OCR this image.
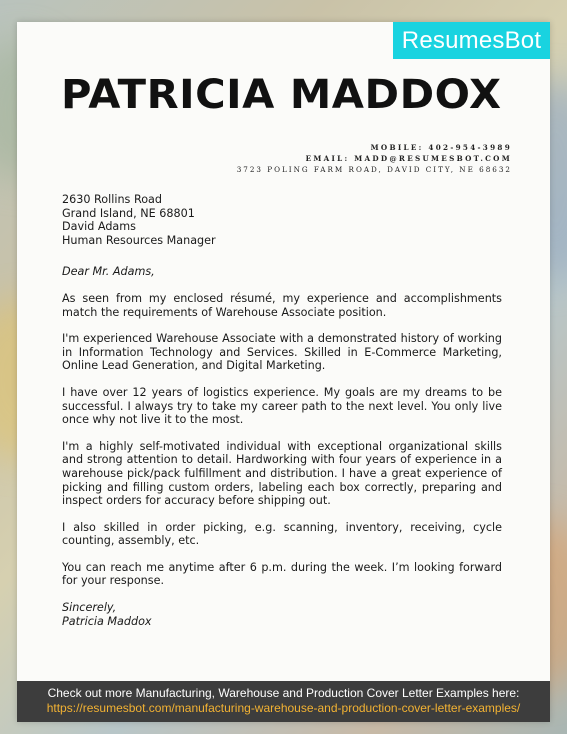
ResumesBot
PATRICIA MADDOX
MOBILE: 402-954-3989
EMAIL: MADD@RESUMESBOT.COM
3723 POLING FARM ROAD, DAVID CITY, NE 68632
2630 Rollins Road
Grand Island, NE 68801
David Adams
Human Resources Manager
Dear Mr. Adams,

As seen from my enclosed résumé, my experience and accomplishments match the requirements of Warehouse Associate position.

I'm experienced Warehouse Associate with a demonstrated history of working in Information Technology and Services. Skilled in E-Commerce Marketing, Online Lead Generation, and Digital Marketing.

I have over 12 years of logistics experience. My goals are my dreams to be successful. I always try to take my career path to the next level. You only live once why not live it to the most.

I'm a highly self-motivated individual with exceptional organizational skills and strong attention to detail. Hardworking with four years of experience in a warehouse pick/pack fulfillment and distribution. I have a great experience of picking and filling custom orders, labeling each box correctly, preparing and inspect orders for accuracy before shipping out.

I also skilled in order picking, e.g. scanning, inventory, receiving, cycle counting, assembly, etc.

You can reach me anytime after 6 p.m. during the week. I’m looking forward for your response.

Sincerely,
Patricia Maddox
Check out more Manufacturing, Warehouse and Production Cover Letter Examples here:
https://resumesbot.com/manufacturing-warehouse-and-production-cover-letter-examples/
